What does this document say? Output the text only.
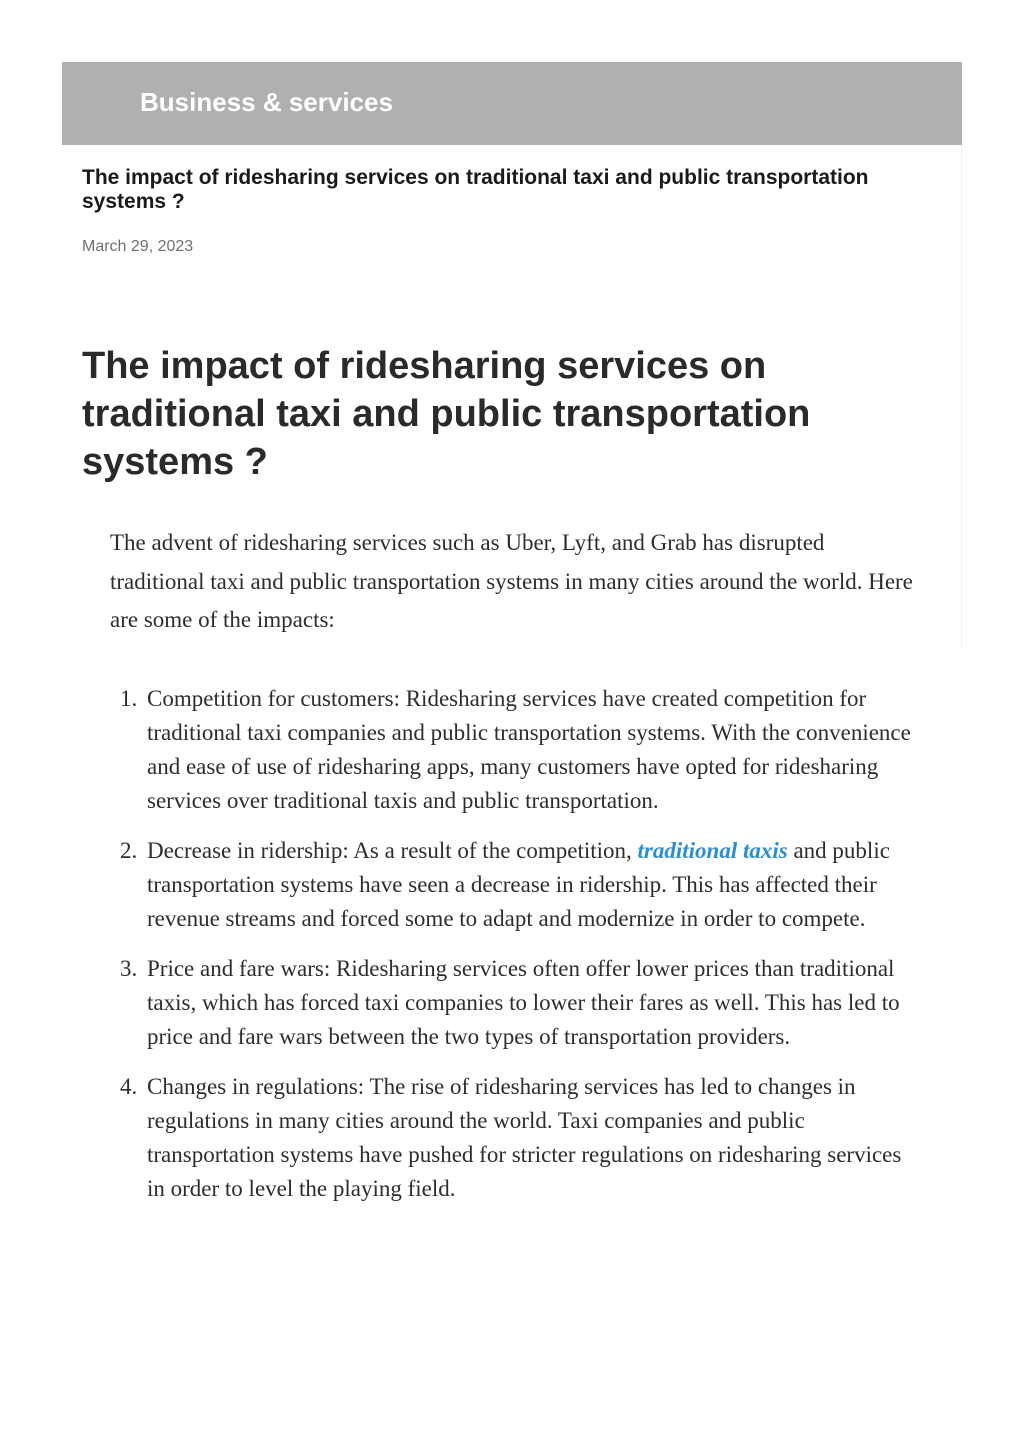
Business & services
The impact of ridesharing services on traditional taxi and public transportation systems ?

March 29, 2023

The impact of ridesharing services on traditional taxi and public transportation systems ?

The advent of ridesharing services such as Uber, Lyft, and Grab has disrupted traditional taxi and public transportation systems in many cities around the world. Here are some of the impacts:

1. Competition for customers: Ridesharing services have created competition for traditional taxi companies and public transportation systems. With the convenience and ease of use of ridesharing apps, many customers have opted for ridesharing services over traditional taxis and public transportation.
2. Decrease in ridership: As a result of the competition, traditional taxis and public transportation systems have seen a decrease in ridership. This has affected their revenue streams and forced some to adapt and modernize in order to compete.
3. Price and fare wars: Ridesharing services often offer lower prices than traditional taxis, which has forced taxi companies to lower their fares as well. This has led to price and fare wars between the two types of transportation providers.
4. Changes in regulations: The rise of ridesharing services has led to changes in regulations in many cities around the world. Taxi companies and public transportation systems have pushed for stricter regulations on ridesharing services in order to level the playing field.
